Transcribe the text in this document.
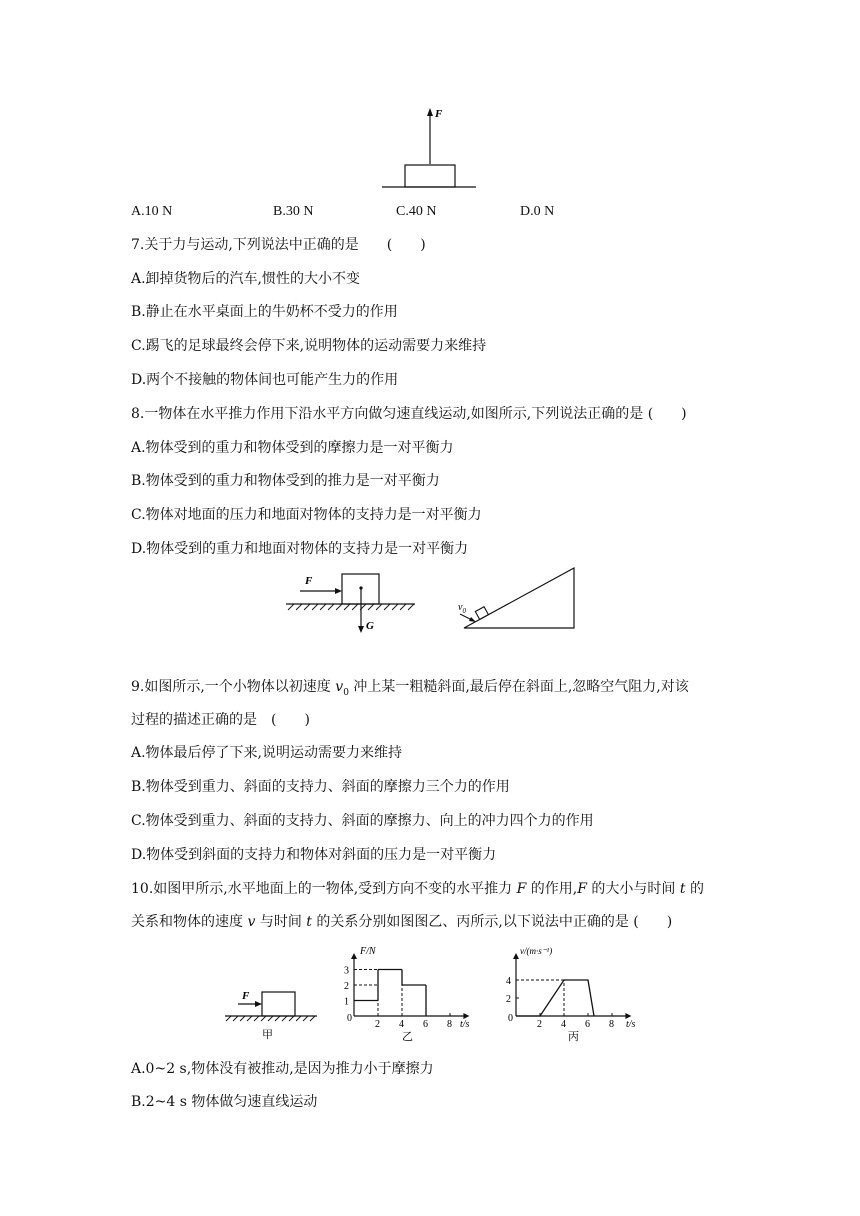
F
A.10 N	B.30 N	C.40 N	D.0 N
7.关于力与运动,下列说法中正确的是　　(　　)
A.卸掉货物后的汽车,惯性的大小不变
B.静止在水平桌面上的牛奶杯不受力的作用
C.踢飞的足球最终会停下来,说明物体的运动需要力来维持
D.两个不接触的物体间也可能产生力的作用
8.一物体在水平推力作用下沿水平方向做匀速直线运动,如图所示,下列说法正确的是 (　　)
A.物体受到的重力和物体受到的摩擦力是一对平衡力
B.物体受到的重力和物体受到的推力是一对平衡力
C.物体对地面的压力和地面对物体的支持力是一对平衡力
D.物体受到的重力和地面对物体的支持力是一对平衡力
F
G
$v_0$
9.如图所示,一个小物体以初速度 $v_0$ 冲上某一粗糙斜面,最后停在斜面上,忽略空气阻力,对该
过程的描述正确的是　(　　)
A.物体最后停了下来,说明运动需要力来维持
B.物体受到重力、斜面的支持力、斜面的摩擦力三个力的作用
C.物体受到重力、斜面的支持力、斜面的摩擦力、向上的冲力四个力的作用
D.物体受到斜面的支持力和物体对斜面的压力是一对平衡力
10.如图甲所示,水平地面上的一物体,受到方向不变的水平推力 F 的作用,F 的大小与时间 t 的
关系和物体的速度 v 与时间 t 的关系分别如图图乙、丙所示,以下说法中正确的是 (　　)
F
甲
F/N
t/s
0
乙
2 4 6 8
1
2
3
v/(m·s⁻¹)
t/s
0
丙
2 4 6 8
2
4
A.0~2 s,物体没有被推动,是因为推力小于摩擦力
B.2~4 s 物体做匀速直线运动
